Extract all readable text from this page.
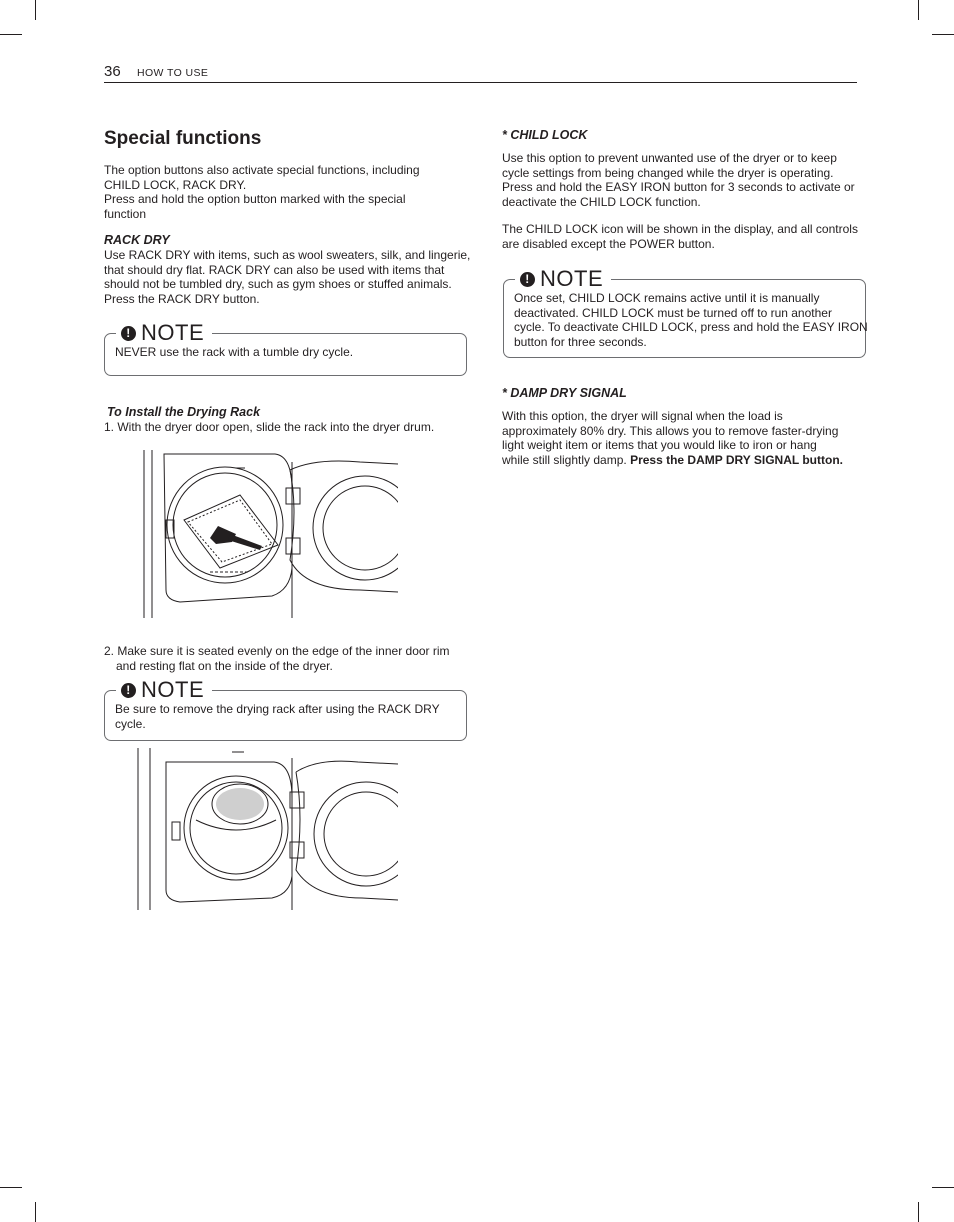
36 HOW TO USE
Special functions
The option buttons also activate special functions, including
CHILD LOCK, RACK DRY.
Press and hold the option button marked with the special
function
RACK DRY
Use RACK DRY with items, such as wool sweaters, silk, and lingerie,
that should dry flat. RACK DRY can also be used with items that
should not be tumbled dry, such as gym shoes or stuffed animals.
Press the RACK DRY button.
! NOTE
NEVER use the rack with a tumble dry cycle.
To Install the Drying Rack
1. With the dryer door open, slide the rack into the dryer drum.
2. Make sure it is seated evenly on the edge of the inner door rim
and resting flat on the inside of the dryer.
! NOTE
Be sure to remove the drying rack after using the RACK DRY
cycle.
* CHILD LOCK
Use this option to prevent unwanted use of the dryer or to keep
cycle settings from being changed while the dryer is operating.
Press and hold the EASY IRON button for 3 seconds to activate or
deactivate the CHILD LOCK function.
The CHILD LOCK icon will be shown in the display, and all controls
are disabled except the POWER button.
! NOTE
Once set, CHILD LOCK remains active until it is manually
deactivated. CHILD LOCK must be turned off to run another
cycle. To deactivate CHILD LOCK, press and hold the EASY IRON
button for three seconds.
* DAMP DRY SIGNAL
With this option, the dryer will signal when the load is
approximately 80% dry. This allows you to remove faster-drying
light weight item or items that you would like to iron or hang
while still slightly damp. Press the DAMP DRY SIGNAL button.
